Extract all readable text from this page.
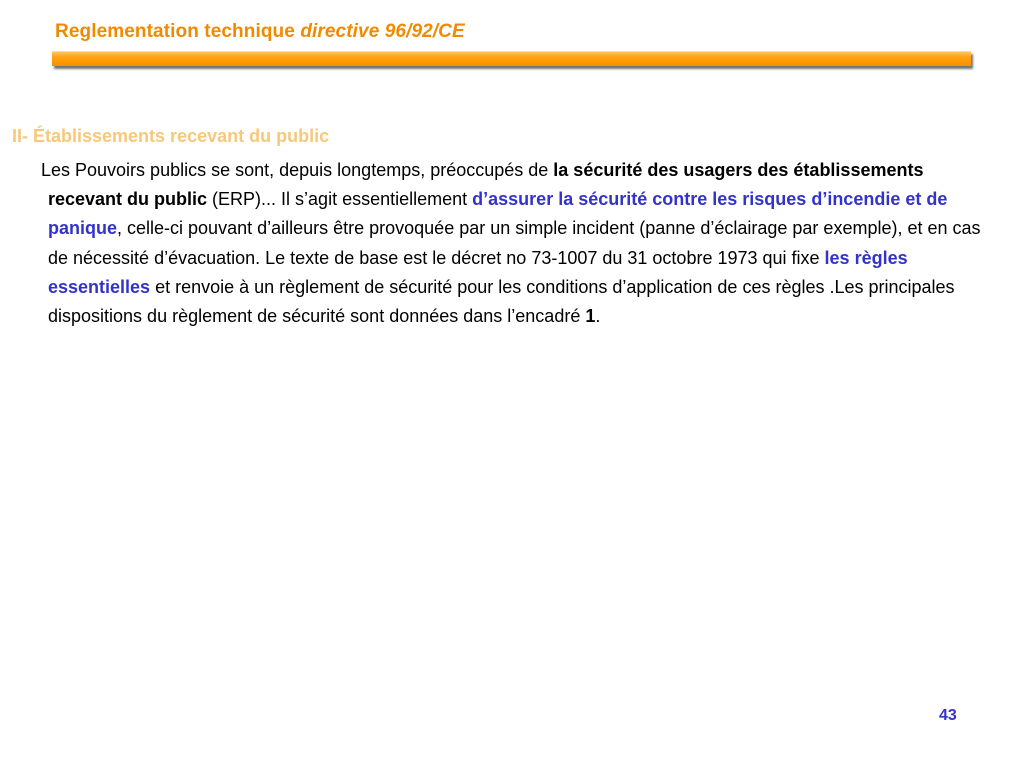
Reglementation technique directive 96/92/CE
II- Établissements recevant du public

Les Pouvoirs publics se sont, depuis longtemps, préoccupés de la sécurité des usagers des établissements recevant du public (ERP)... Il s’agit essentiellement d’assurer la sécurité contre les risques d’incendie et de panique, celle-ci pouvant d’ailleurs être provoquée par un simple incident (panne d’éclairage par exemple), et en cas de nécessité d’évacuation. Le texte de base est le décret no 73-1007 du 31 octobre 1973 qui fixe les règles essentielles et renvoie à un règlement de sécurité pour les conditions d’application de ces règles .Les principales dispositions du règlement de sécurité sont données dans l’encadré 1.

43
